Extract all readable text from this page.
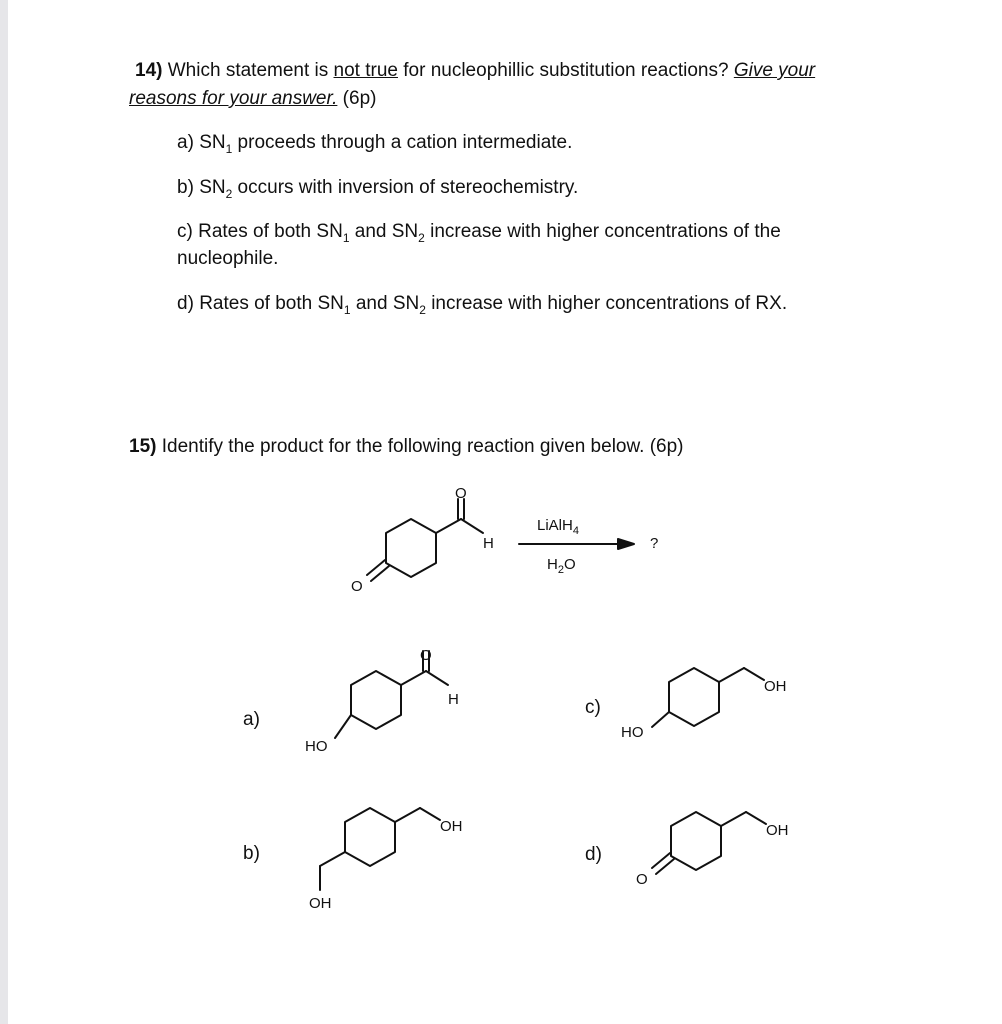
14) Which statement is not true for nucleophillic substitution reactions? Give your
reasons for your answer. (6p)
a) $SN_1$ proceeds through a cation intermediate.
b) $SN_2$ occurs with inversion of stereochemistry.
c) Rates of both $SN_1$ and $SN_2$ increase with higher concentrations of the
nucleophile.
d) Rates of both $SN_1$ and $SN_2$ increase with higher concentrations of RX.
15) Identify the product for the following reaction given below. (6p)
a)
b)
c)
d)
O
H
O
LiAlH$_4$
$H_2O$
?
O
H
HO
OH
OH
OH
HO
OH
O
